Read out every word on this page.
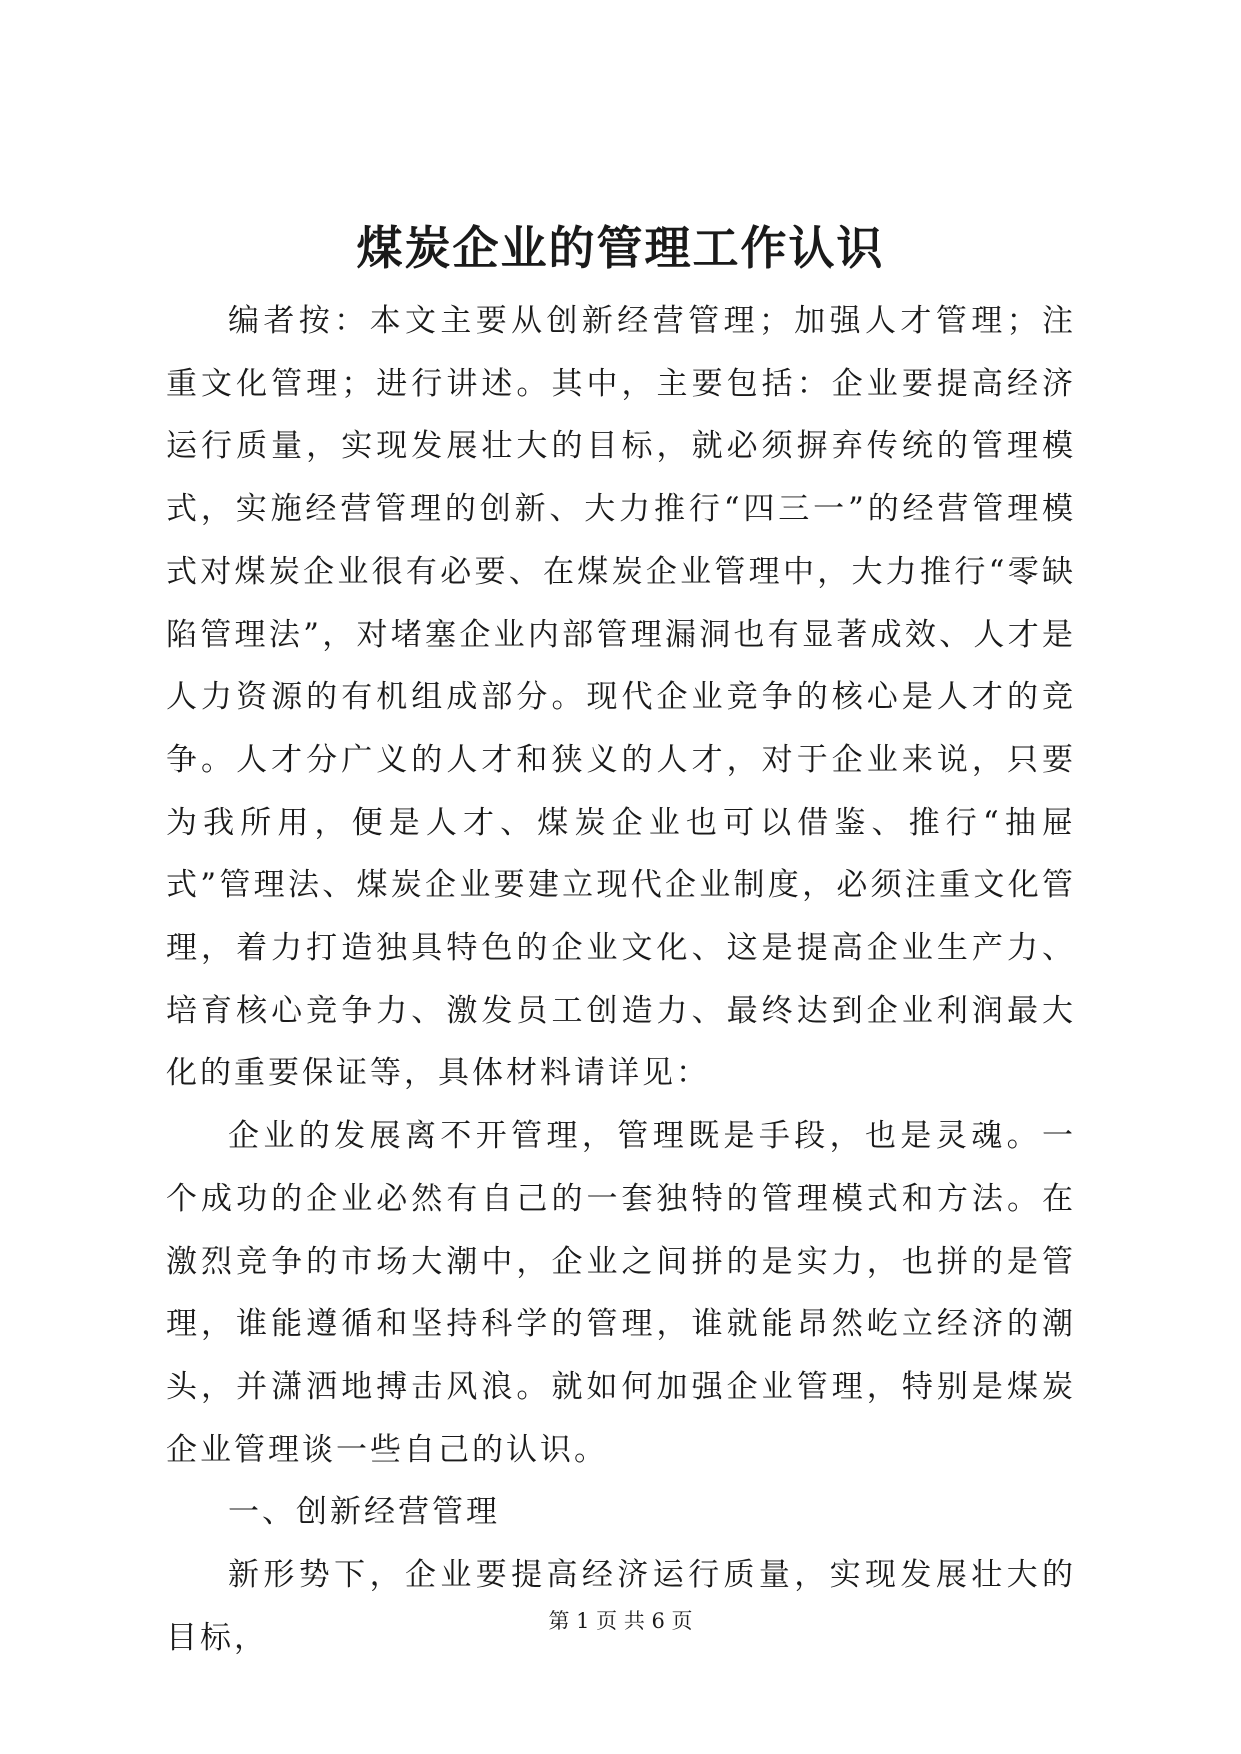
煤炭企业的管理工作认识

编者按：本文主要从创新经营管理；加强人才管理；注重文化管理；进行讲述。其中，主要包括：企业要提高经济运行质量，实现发展壮大的目标，就必须摒弃传统的管理模式，实施经营管理的创新、大力推行“四三一”的经营管理模式对煤炭企业很有必要、在煤炭企业管理中，大力推行“零缺陷管理法”，对堵塞企业内部管理漏洞也有显著成效、人才是人力资源的有机组成部分。现代企业竞争的核心是人才的竞争。人才分广义的人才和狭义的人才，对于企业来说，只要为我所用，便是人才、煤炭企业也可以借鉴、推行“抽屉式”管理法、煤炭企业要建立现代企业制度，必须注重文化管理，着力打造独具特色的企业文化、这是提高企业生产力、培育核心竞争力、激发员工创造力、最终达到企业利润最大化的重要保证等，具体材料请详见：

企业的发展离不开管理，管理既是手段，也是灵魂。一个成功的企业必然有自己的一套独特的管理模式和方法。在激烈竞争的市场大潮中，企业之间拼的是实力，也拼的是管理，谁能遵循和坚持科学的管理，谁就能昂然屹立经济的潮头，并潇洒地搏击风浪。就如何加强企业管理，特别是煤炭企业管理谈一些自己的认识。

一、创新经营管理

新形势下，企业要提高经济运行质量，实现发展壮大的目标，	第 1 页 共 6 页
